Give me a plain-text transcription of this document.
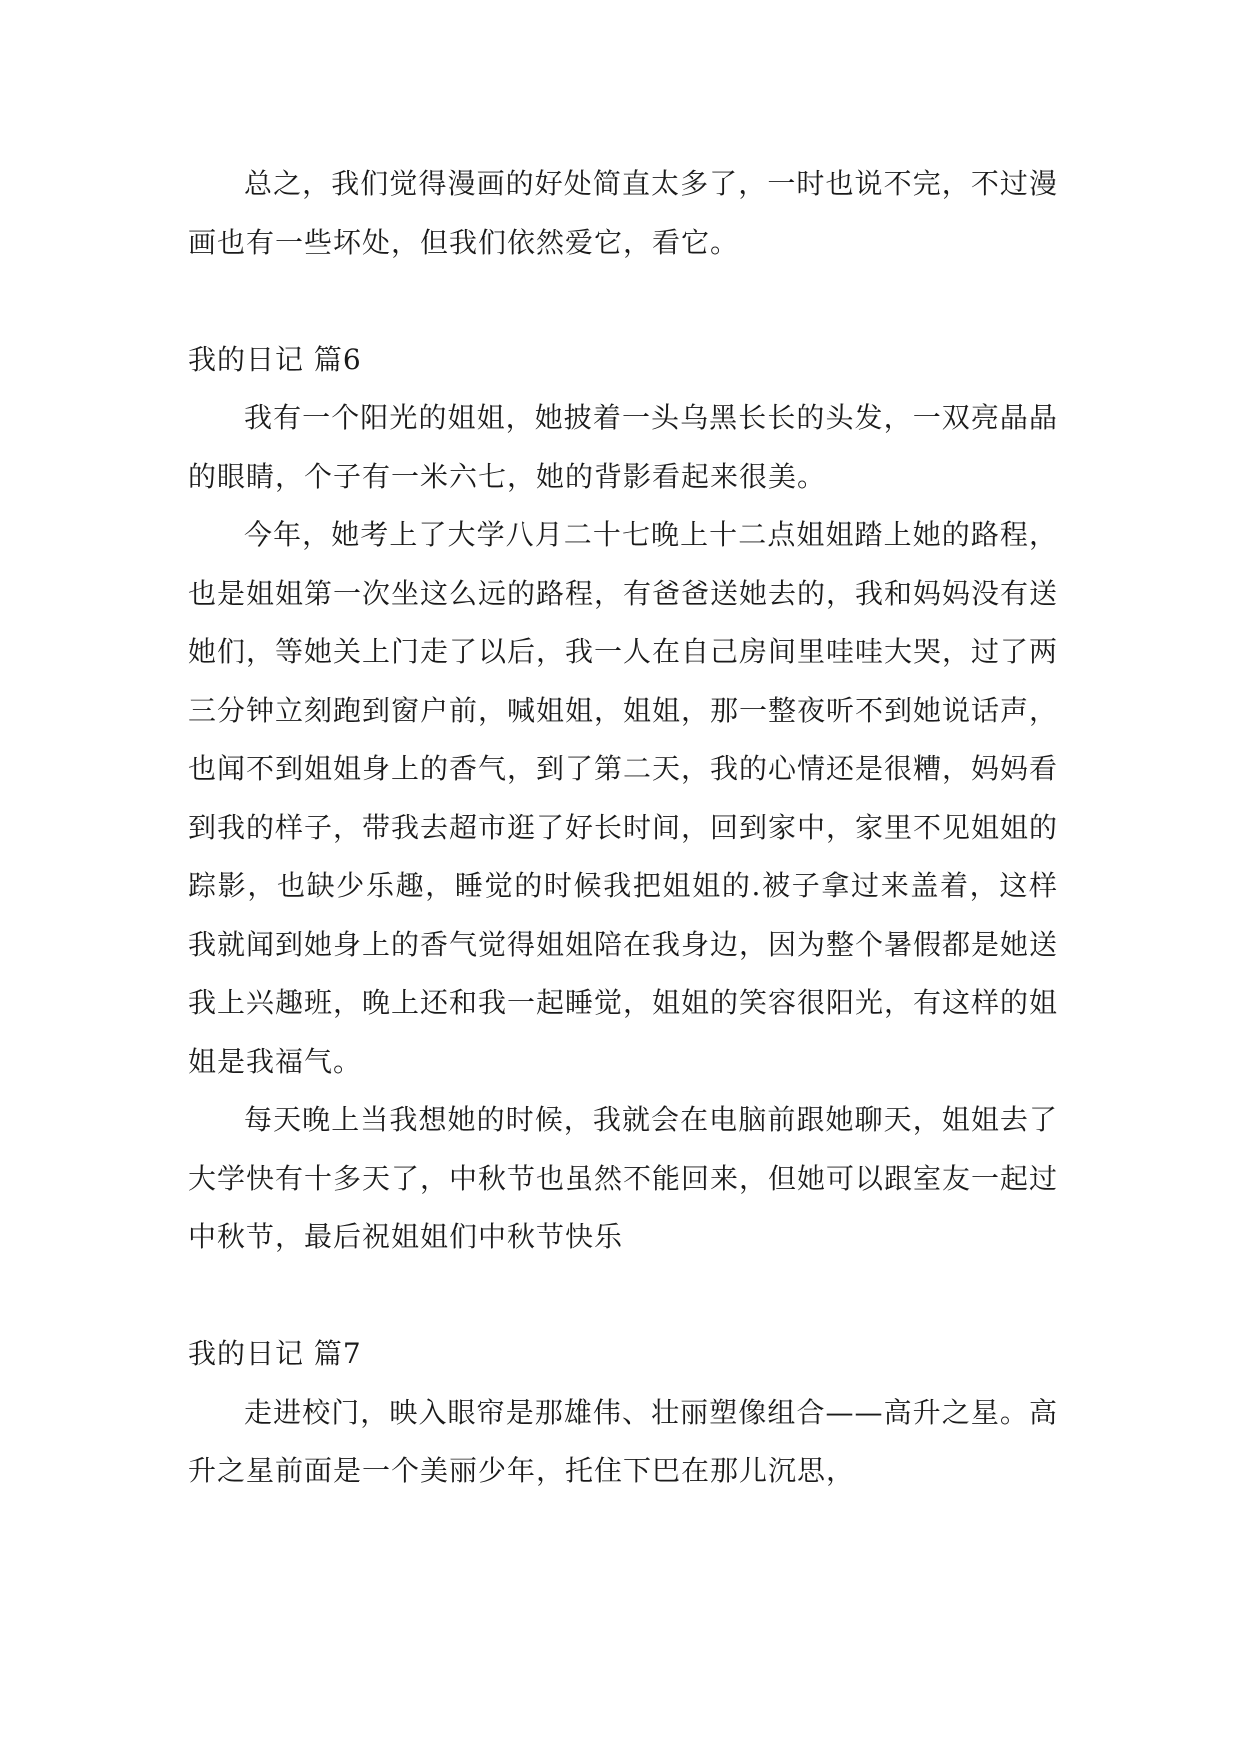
总之，我们觉得漫画的好处简直太多了，一时也说不完，不过漫画也有一些坏处，但我们依然爱它，看它。

我的日记 篇6

我有一个阳光的姐姐，她披着一头乌黑长长的头发，一双亮晶晶的眼睛，个子有一米六七，她的背影看起来很美。

今年，她考上了大学八月二十七晚上十二点姐姐踏上她的路程，也是姐姐第一次坐这么远的路程，有爸爸送她去的，我和妈妈没有送她们，等她关上门走了以后，我一人在自己房间里哇哇大哭，过了两三分钟立刻跑到窗户前，喊姐姐，姐姐，那一整夜听不到她说话声，也闻不到姐姐身上的香气，到了第二天，我的心情还是很糟，妈妈看到我的样子，带我去超市逛了好长时间，回到家中，家里不见姐姐的踪影，也缺少乐趣，睡觉的时候我把姐姐的.被子拿过来盖着，这样我就闻到她身上的香气觉得姐姐陪在我身边，因为整个暑假都是她送我上兴趣班，晚上还和我一起睡觉，姐姐的笑容很阳光，有这样的姐姐是我福气。

每天晚上当我想她的时候，我就会在电脑前跟她聊天，姐姐去了大学快有十多天了，中秋节也虽然不能回来，但她可以跟室友一起过中秋节，最后祝姐姐们中秋节快乐

我的日记 篇7

走进校门，映入眼帘是那雄伟、壮丽塑像组合——高升之星。高升之星前面是一个美丽少年，托住下巴在那儿沉思，
